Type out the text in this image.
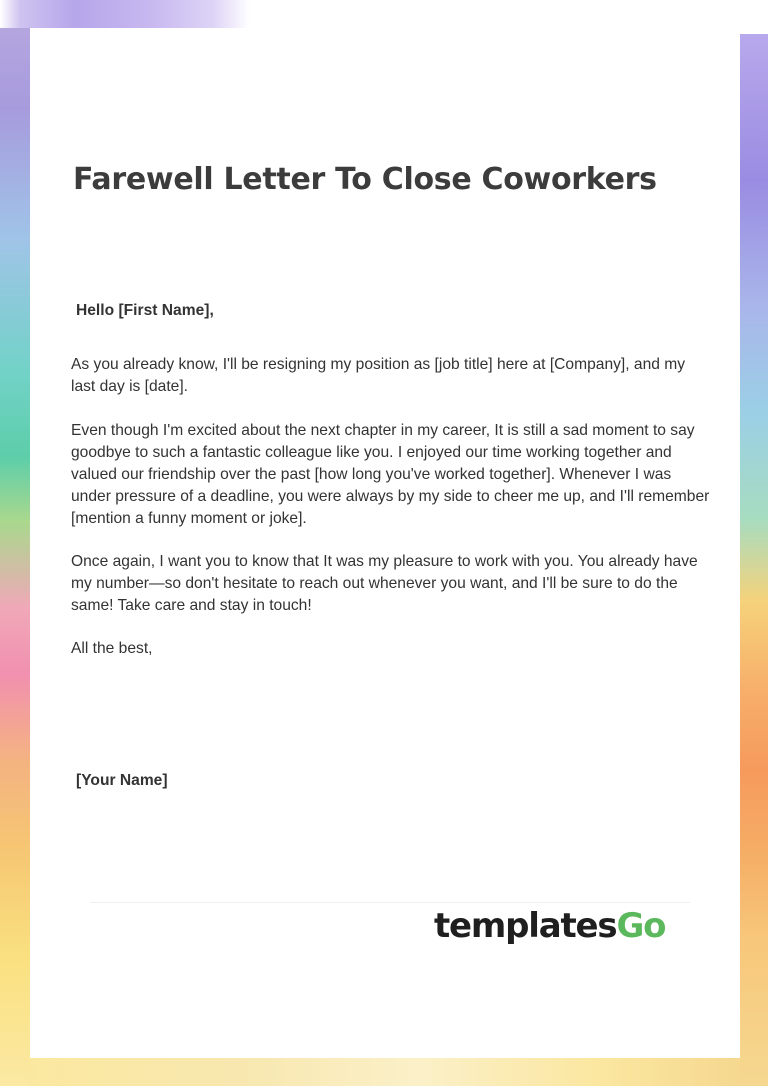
Farewell Letter To Close Coworkers

Hello [First Name],

As you already know, I'll be resigning my position as [job title] here at [Company], and my last day is [date].

Even though I'm excited about the next chapter in my career, It is still a sad moment to say goodbye to such a fantastic colleague like you. I enjoyed our time working together and valued our friendship over the past [how long you've worked together]. Whenever I was under pressure of a deadline, you were always by my side to cheer me up, and I'll remember [mention a funny moment or joke].

Once again, I want you to know that It was my pleasure to work with you. You already have my number—so don't hesitate to reach out whenever you want, and I'll be sure to do the same! Take care and stay in touch!

All the best,

[Your Name]

templatesGo
